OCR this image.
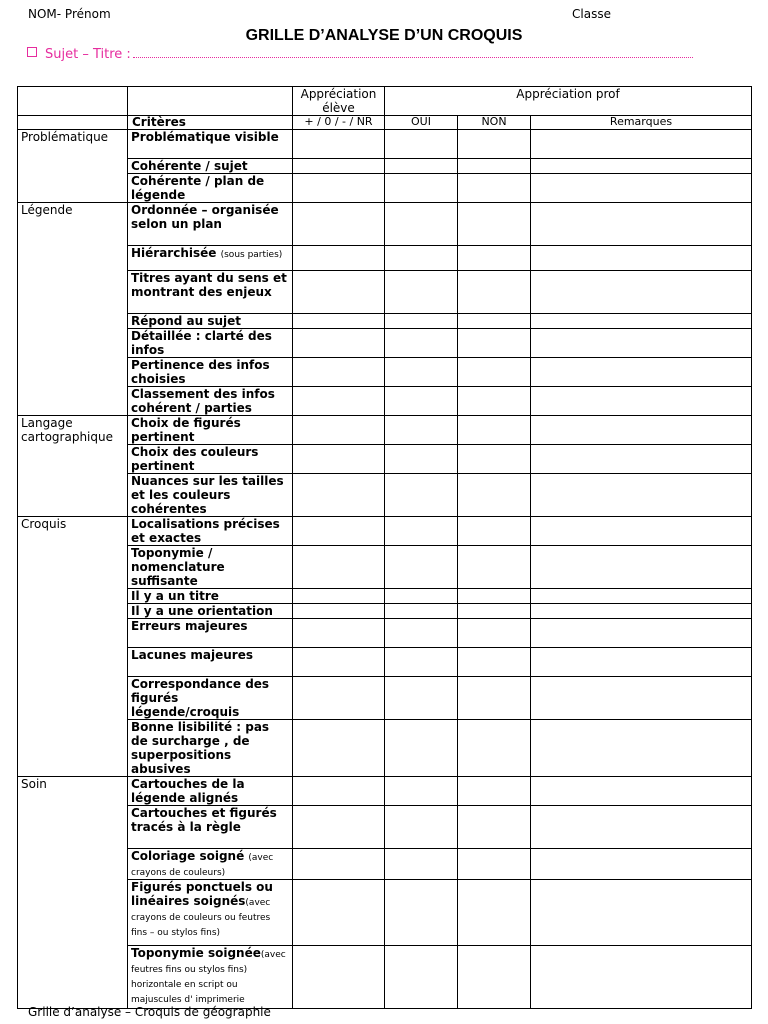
NOM- Prénom	Classe
GRILLE D’ANALYSE D’UN CROQUIS
Sujet – Titre :
		Appréciation élève	Appréciation prof		
	Critères	+ / 0 / - / NR	OUI	NON	Remarques
Problématique	Problématique visible				
	Cohérente / sujet				
	Cohérente / plan de légende				
Légende	Ordonnée – organisée selon un plan				
	Hiérarchisée (sous parties)				
	Titres ayant du sens et montrant des enjeux				
	Répond au sujet				
	Détaillée : clarté des infos				
	Pertinence des infos choisies				
	Classement des infos cohérent / parties				
Langage cartographique	Choix de figurés pertinent				
	Choix des couleurs pertinent				
	Nuances sur les tailles et les couleurs cohérentes				
Croquis	Localisations précises et exactes				
	Toponymie / nomenclature suffisante				
	Il y a un titre				
	Il y a une orientation				
	Erreurs majeures				
	Lacunes majeures				
	Correspondance des figurés légende/croquis				
	Bonne lisibilité : pas de surcharge , de superpositions abusives				
Soin	Cartouches de la légende alignés				
	Cartouches et figurés tracés à la règle				
	Coloriage soigné (avec crayons de couleurs)				
	Figurés ponctuels ou linéaires soignés(avec crayons de couleurs ou feutres fins – ou stylos fins)				
	Toponymie soignée(avec feutres fins ou stylos fins) horizontale en script ou majuscules d' imprimerie				
Grille d’analyse – Croquis de géographie
